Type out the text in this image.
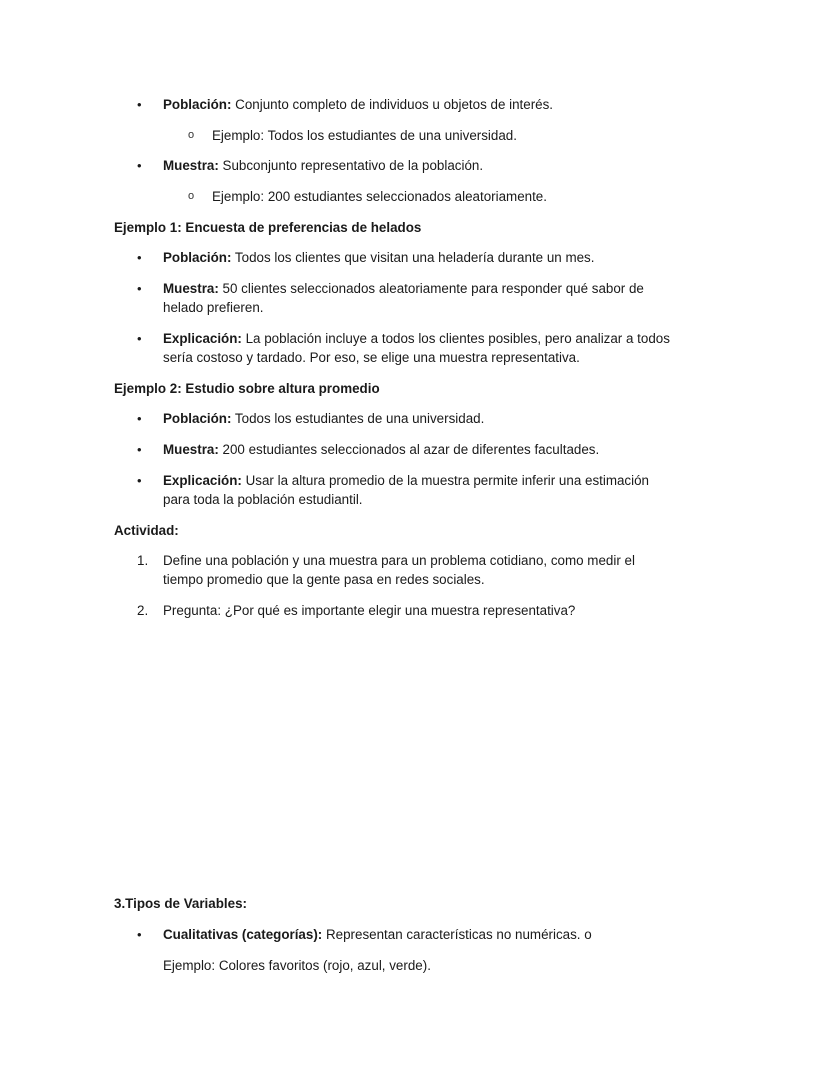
• Población: Conjunto completo de individuos u objetos de interés.
o Ejemplo: Todos los estudiantes de una universidad.
• Muestra: Subconjunto representativo de la población.
o Ejemplo: 200 estudiantes seleccionados aleatoriamente.
Ejemplo 1: Encuesta de preferencias de helados
• Población: Todos los clientes que visitan una heladería durante un mes.
• Muestra: 50 clientes seleccionados aleatoriamente para responder qué sabor de
helado prefieren.
• Explicación: La población incluye a todos los clientes posibles, pero analizar a todos
sería costoso y tardado. Por eso, se elige una muestra representativa.
Ejemplo 2: Estudio sobre altura promedio
• Población: Todos los estudiantes de una universidad.
• Muestra: 200 estudiantes seleccionados al azar de diferentes facultades.
• Explicación: Usar la altura promedio de la muestra permite inferir una estimación
para toda la población estudiantil.
Actividad:
1. Define una población y una muestra para un problema cotidiano, como medir el
tiempo promedio que la gente pasa en redes sociales.
2. Pregunta: ¿Por qué es importante elegir una muestra representativa?
3.Tipos de Variables:
• Cualitativas (categorías): Representan características no numéricas. o
Ejemplo: Colores favoritos (rojo, azul, verde).
